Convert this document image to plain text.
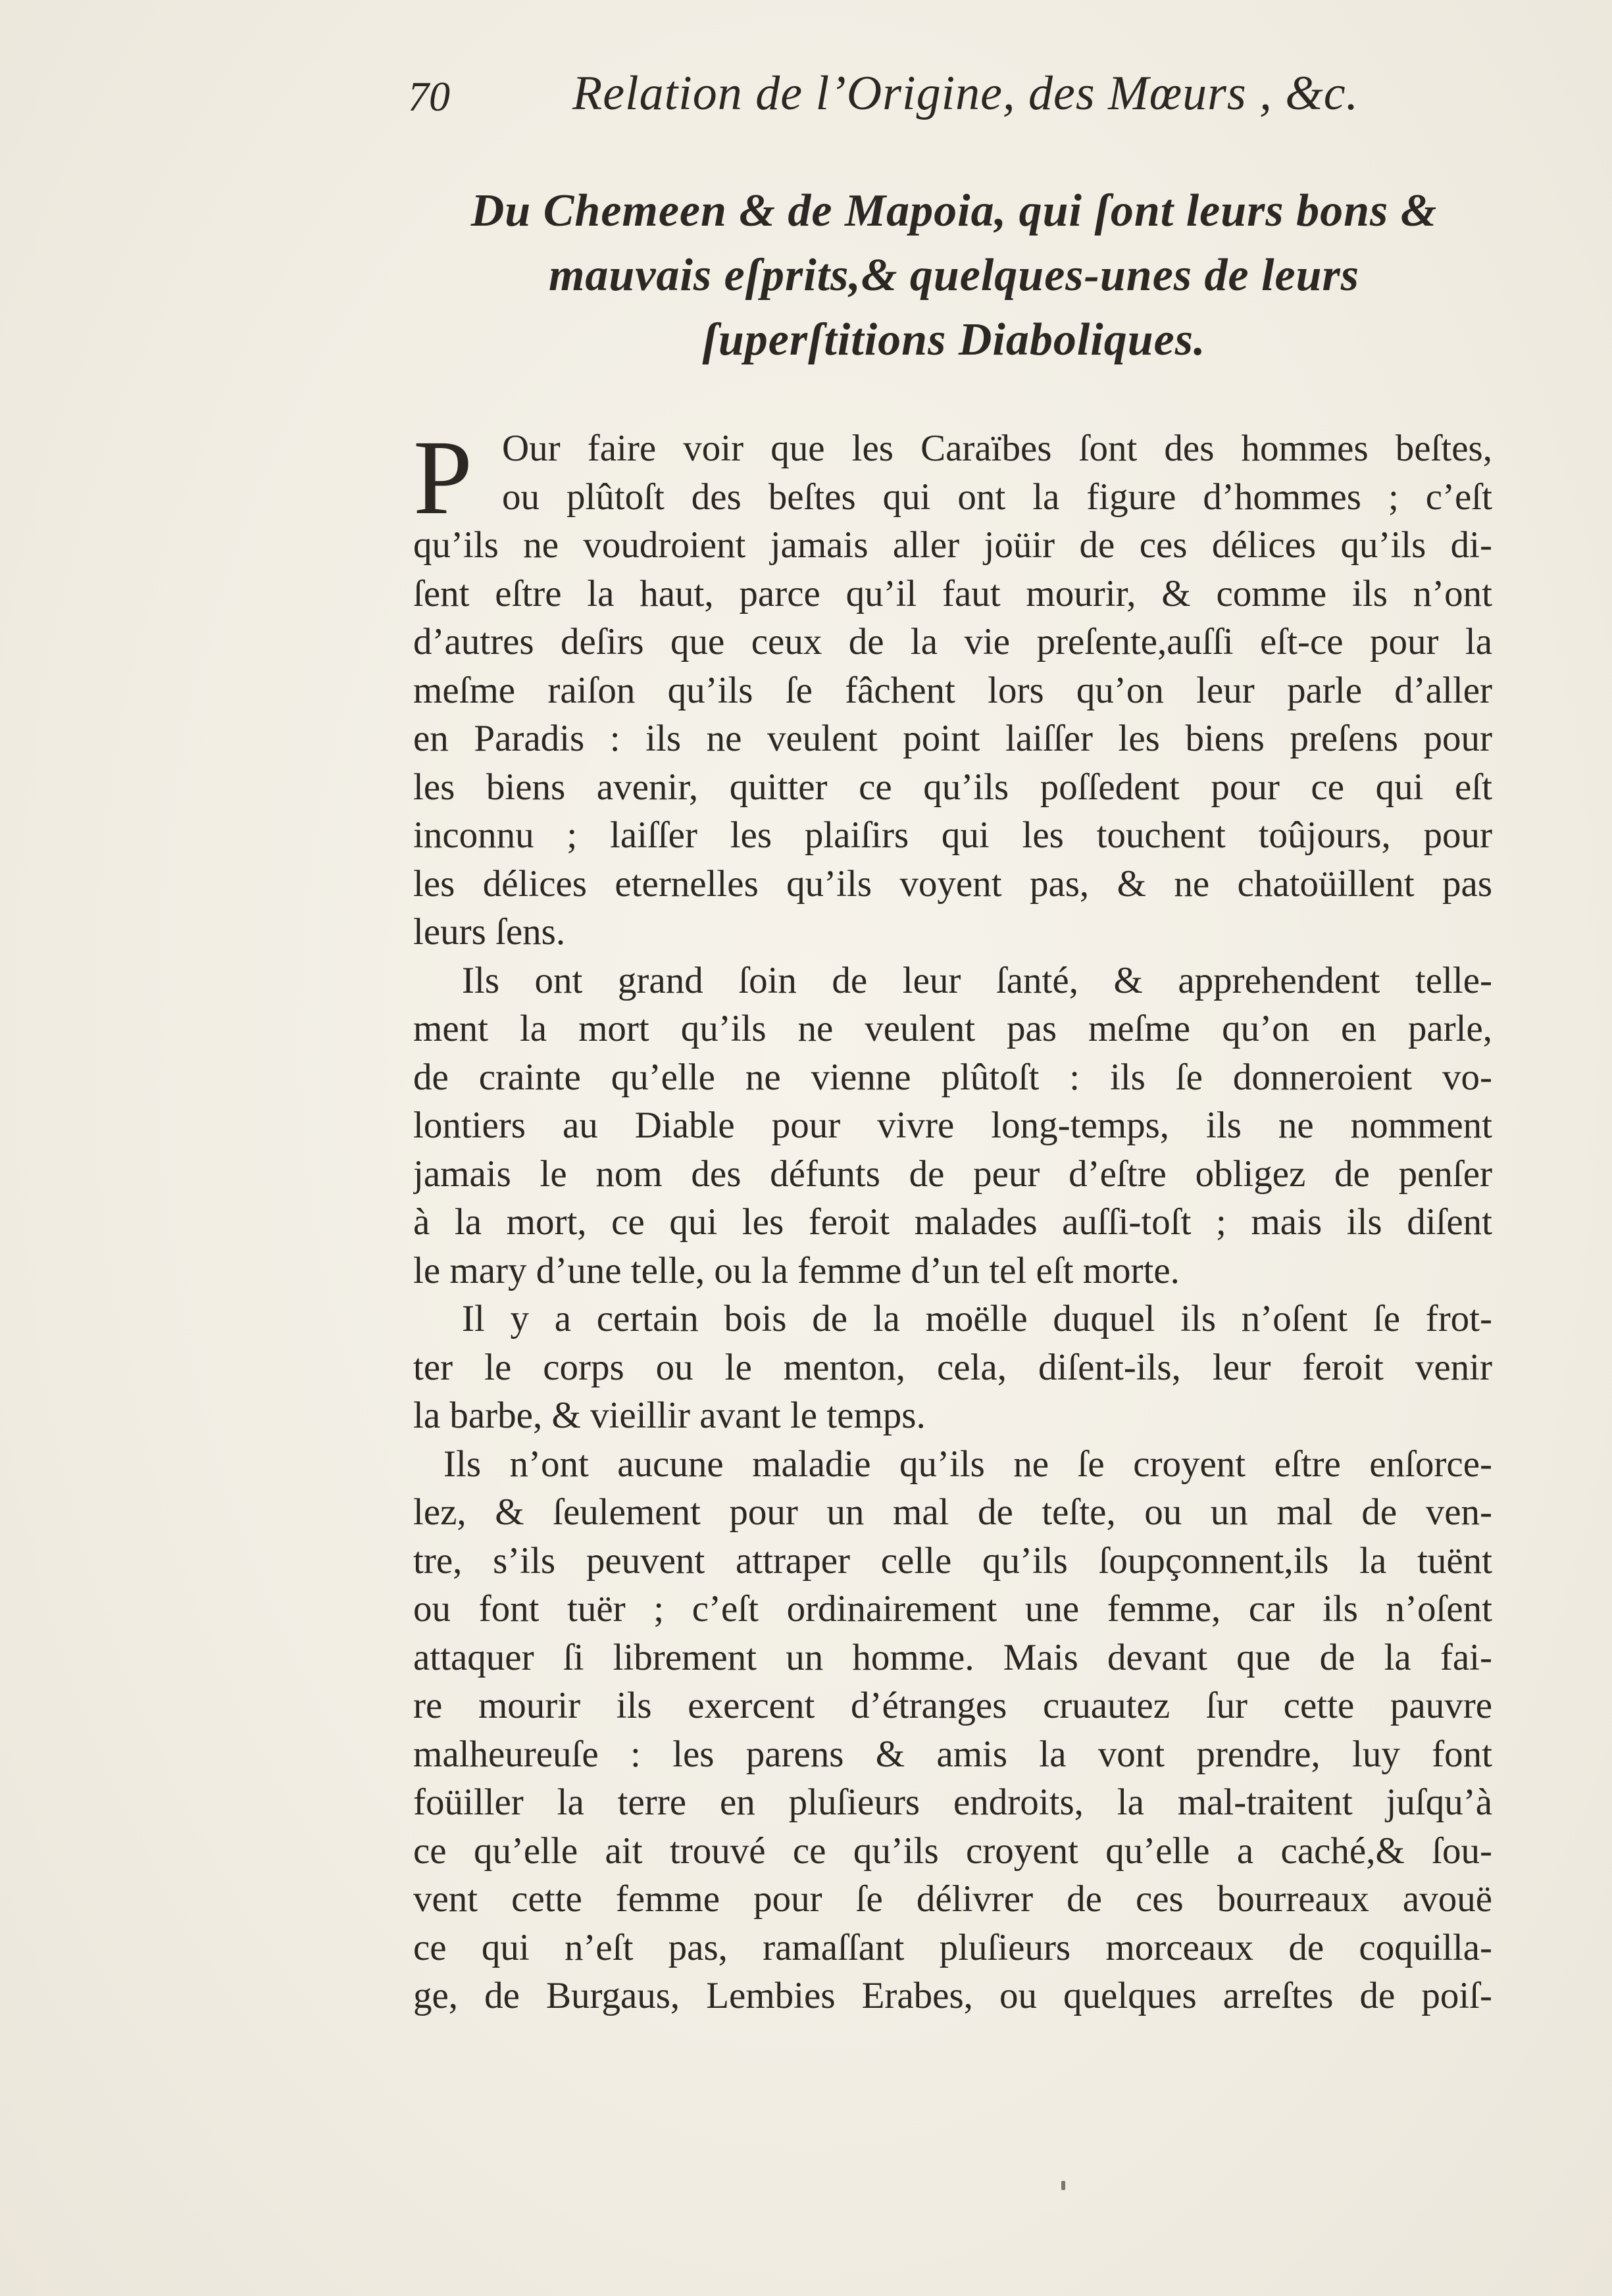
70	Relation de l’Origine, des Mœurs , &c.
Du Chemeen & de Mapoia, qui ſont leurs bons &
mauvais eſprits,& quelques-unes de leurs
ſuperſtitions Diaboliques.
P Our faire voir que les Caraïbes ſont des hommes beſtes,
ou plûtoſt des beſtes qui ont la figure d’hommes ; c’eſt
qu’ils ne voudroient jamais aller joüir de ces délices qu’ils di-
ſent eſtre la haut, parce qu’il faut mourir, & comme ils n’ont
d’autres deſirs que ceux de la vie preſente,auſſi eſt-ce pour la
meſme raiſon qu’ils ſe fâchent lors qu’on leur parle d’aller
en Paradis : ils ne veulent point laiſſer les biens preſens pour
les biens avenir, quitter ce qu’ils poſſedent pour ce qui eſt
inconnu ; laiſſer les plaiſirs qui les touchent toûjours, pour
les délices eternelles qu’ils voyent pas, & ne chatoüillent pas
leurs ſens.
Ils ont grand ſoin de leur ſanté, & apprehendent telle-
ment la mort qu’ils ne veulent pas meſme qu’on en parle,
de crainte qu’elle ne vienne plûtoſt : ils ſe donneroient vo-
lontiers au Diable pour vivre long-temps, ils ne nomment
jamais le nom des défunts de peur d’eſtre obligez de penſer
à la mort, ce qui les feroit malades auſſi-toſt ; mais ils diſent
le mary d’une telle, ou la femme d’un tel eſt morte.
Il y a certain bois de la moëlle duquel ils n’oſent ſe frot-
ter le corps ou le menton, cela, diſent-ils, leur feroit venir
la barbe, & vieillir avant le temps.
Ils n’ont aucune maladie qu’ils ne ſe croyent eſtre enſorce-
lez, & ſeulement pour un mal de teſte, ou un mal de ven-
tre, s’ils peuvent attraper celle qu’ils ſoupçonnent,ils la tuënt
ou font tuër ; c’eſt ordinairement une femme, car ils n’oſent
attaquer ſi librement un homme. Mais devant que de la fai-
re mourir ils exercent d’étranges cruautez ſur cette pauvre
malheureuſe : les parens & amis la vont prendre, luy font
foüiller la terre en pluſieurs endroits, la mal-traitent juſqu’à
ce qu’elle ait trouvé ce qu’ils croyent qu’elle a caché,& ſou-
vent cette femme pour ſe délivrer de ces bourreaux avouë
ce qui n’eſt pas, ramaſſant pluſieurs morceaux de coquilla-
ge, de Burgaus, Lembies Erabes, ou quelques arreſtes de poiſ-
